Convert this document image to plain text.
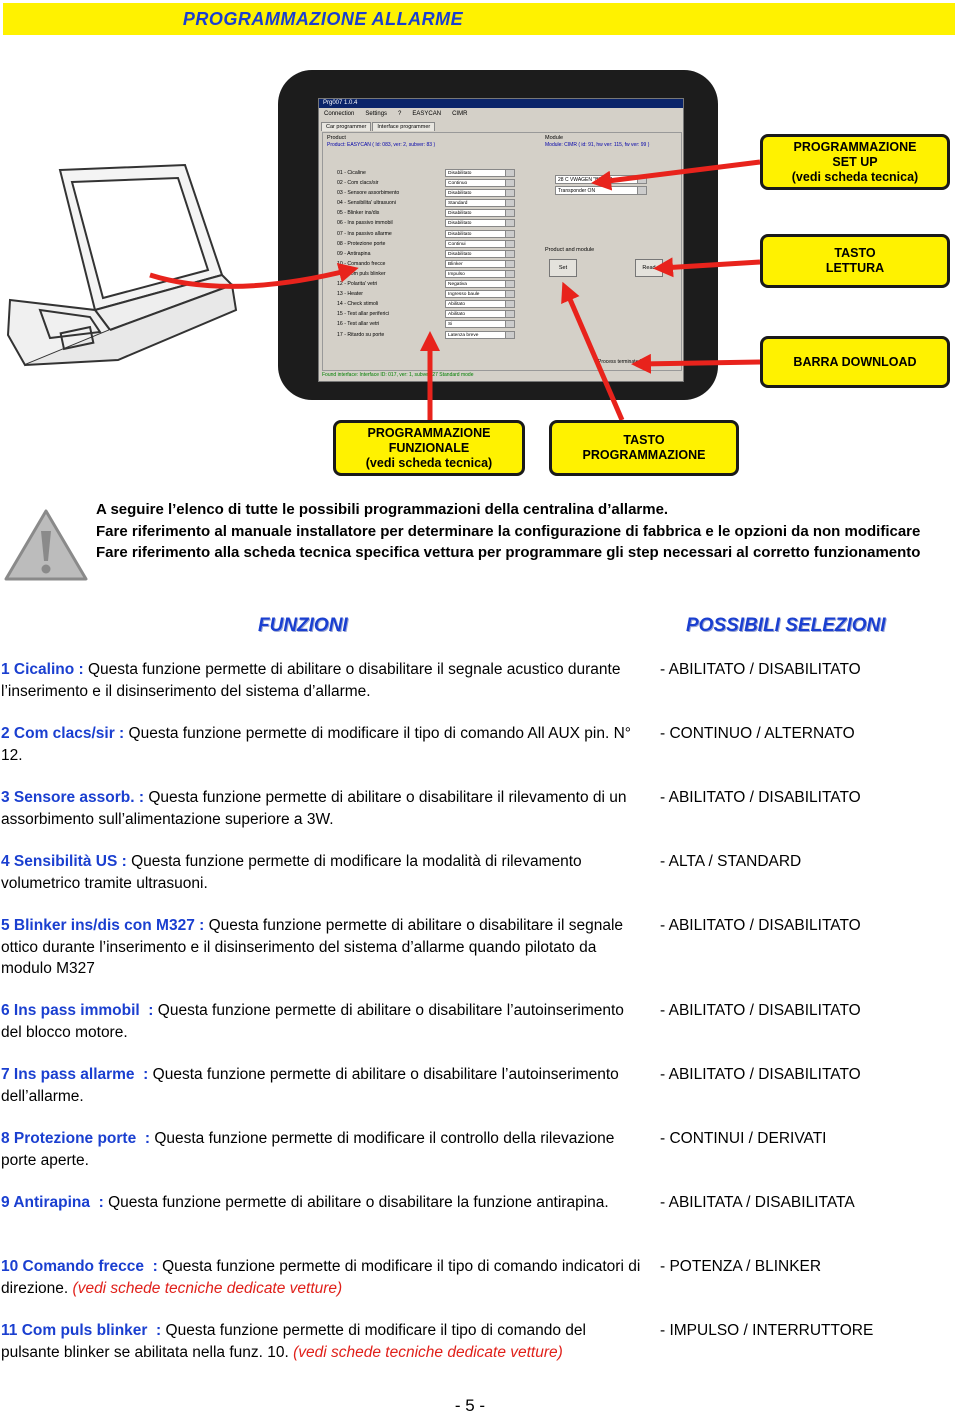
PROGRAMMAZIONE ALLARME
Prg007 1.0.4
Connection Settings ? EASYCAN CIMR
Car programmer Interface programmer
Product
Product: EASYCAN ( Id: 083, ver: 2, subver: 83 )
Module
Module: CIMR ( id: 91, hw ver: 115, fw ver: 99 )
01 - Cicaline	Disabilitato
02 - Com clacs/sir	Continuo
03 - Sensore assorbimento	Disabilitato
04 - Sensibilita' ultrasuoni	Standard
05 - Blinker ins/dis	Disabilitato
06 - Ins passivo immobil	Disabilitato
07 - Ins passivo allarme	Disabilitato
08 - Protezione porte	Continui
09 - Antirapina	Disabilitato
10 - Comando frecce	Blinker
11 - Com puls blinker	Impulso
12 - Polarita' vetri	Negativa
13 - Heater	Ingresso baule
14 - Check stimoli	Abilitato
15 - Test allar periferici	Abilitato
16 - Test allar vetri	Si
17 - Ritardo su porte	Latenza breve
28 C VWAGEN "B" ver 1
Transponder ON
Product and module
Set	Read
Process terminated
Found interface: Interface ID: 017, ver: 1, subver: 27 Standard mode
PROGRAMMAZIONE
SET UP
(vedi scheda tecnica)
TASTO
LETTURA
BARRA DOWNLOAD
PROGRAMMAZIONE
FUNZIONALE
(vedi scheda tecnica)
TASTO
PROGRAMMAZIONE
A seguire l’elenco di tutte le possibili programmazioni della centralina d’allarme.
Fare riferimento al manuale installatore per determinare la configurazione di fabbrica e le opzioni da non modificare
Fare riferimento alla scheda tecnica specifica vettura per programmare gli step necessari al corretto funzionamento
FUNZIONI	POSSIBILI SELEZIONI
1 Cicalino : Questa funzione permette di abilitare o disabilitare il segnale acustico durante l’inserimento e il disinserimento del sistema d’allarme.
- ABILITATO / DISABILITATO
2 Com clacs/sir : Questa funzione permette di modificare il tipo di comando All AUX pin. N° 12.
- CONTINUO / ALTERNATO
3 Sensore assorb. : Questa funzione permette di abilitare o disabilitare il rilevamento di un assorbimento sull’alimentazione superiore a 3W.
- ABILITATO / DISABILITATO
4 Sensibilità US : Questa funzione permette di modificare la modalità di rilevamento volumetrico tramite ultrasuoni.
- ALTA / STANDARD
5 Blinker ins/dis con M327 : Questa funzione permette di abilitare o disabilitare il segnale ottico durante l’inserimento e il disinserimento del sistema d’allarme quando pilotato da modulo M327
- ABILITATO / DISABILITATO
6 Ins pass immobil  : Questa funzione permette di abilitare o disabilitare l’autoinserimento del blocco motore.
- ABILITATO / DISABILITATO
7 Ins pass allarme  : Questa funzione permette di abilitare o disabilitare l’autoinserimento dell’allarme.
- ABILITATO / DISABILITATO
8 Protezione porte  : Questa funzione permette di modificare il controllo della rilevazione porte aperte.
- CONTINUI / DERIVATI
9 Antirapina  : Questa funzione permette di abilitare o disabilitare la funzione antirapina.	- ABILITATA / DISABILITATA
10 Comando frecce  : Questa funzione permette di modificare il tipo di comando indicatori di direzione. (vedi schede tecniche dedicate vetture)
- POTENZA / BLINKER
11 Com puls blinker  : Questa funzione permette di modificare il tipo di comando del pulsante blinker se abilitata nella funz. 10. (vedi schede tecniche dedicate vetture)
- IMPULSO / INTERRUTTORE
- 5 -
